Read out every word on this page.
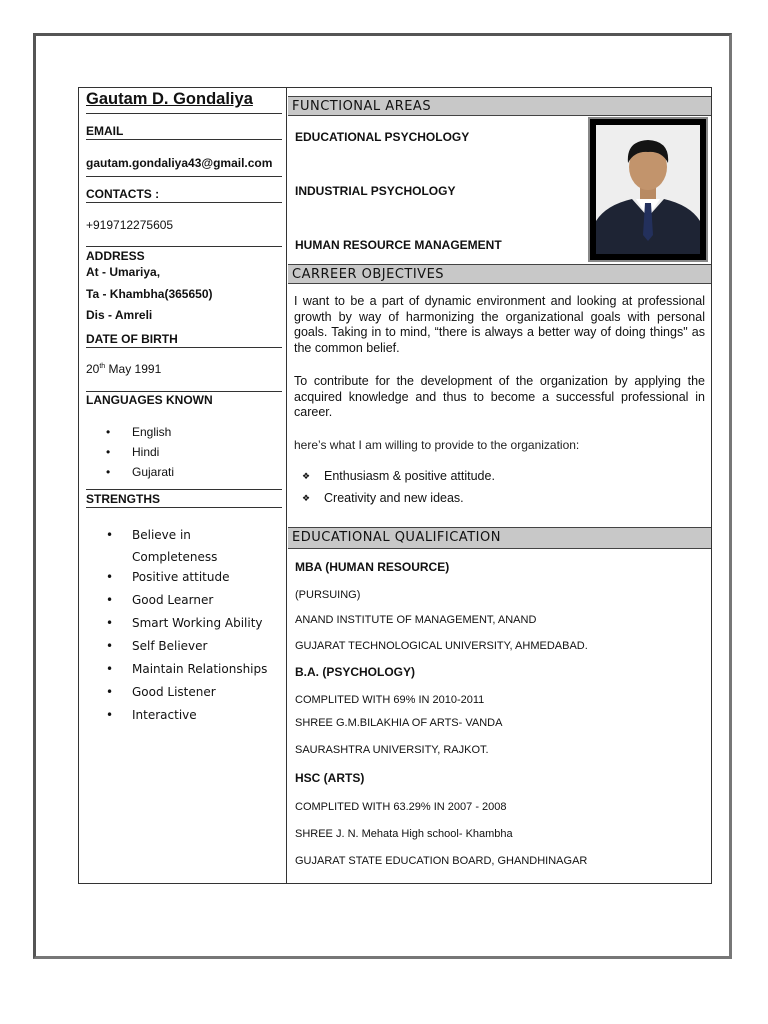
Gautam D. Gondaliya
EMAIL
gautam.gondaliya43@gmail.com
CONTACTS :
+919712275605
ADDRESS
At - Umariya,
Ta - Khambha(365650)
Dis - Amreli
DATE OF BIRTH
20th May 1991
LANGUAGES KNOWN
• English
• Hindi
• Gujarati
STRENGTHS
• Believe in Completeness
• Positive attitude
• Good Learner
• Smart Working Ability
• Self Believer
• Maintain Relationships
• Good Listener
• Interactive
FUNCTIONAL AREAS
EDUCATIONAL PSYCHOLOGY
INDUSTRIAL PSYCHOLOGY
HUMAN RESOURCE MANAGEMENT
CARREER OBJECTIVES
I want to be a part of dynamic environment and looking at professional growth by way of harmonizing the organizational goals with personal goals. Taking in to mind, “there is always a better way of doing things" as the common belief.
To contribute for the development of the organization by applying the acquired knowledge and thus to become a successful professional in career.
here’s what I am willing to provide to the organization:
❖ Enthusiasm & positive attitude.
❖ Creativity and new ideas.
EDUCATIONAL QUALIFICATION
MBA (HUMAN RESOURCE)
(PURSUING)
ANAND INSTITUTE OF MANAGEMENT, ANAND
GUJARAT TECHNOLOGICAL UNIVERSITY, AHMEDABAD.
B.A. (PSYCHOLOGY)
COMPLITED WITH 69% IN 2010-2011
SHREE G.M.BILAKHIA OF ARTS- VANDA
SAURASHTRA UNIVERSITY, RAJKOT.
HSC (ARTS)
COMPLITED WITH 63.29% IN 2007 - 2008
SHREE J. N. Mehata High school- Khambha
GUJARAT STATE EDUCATION BOARD, GHANDHINAGAR
